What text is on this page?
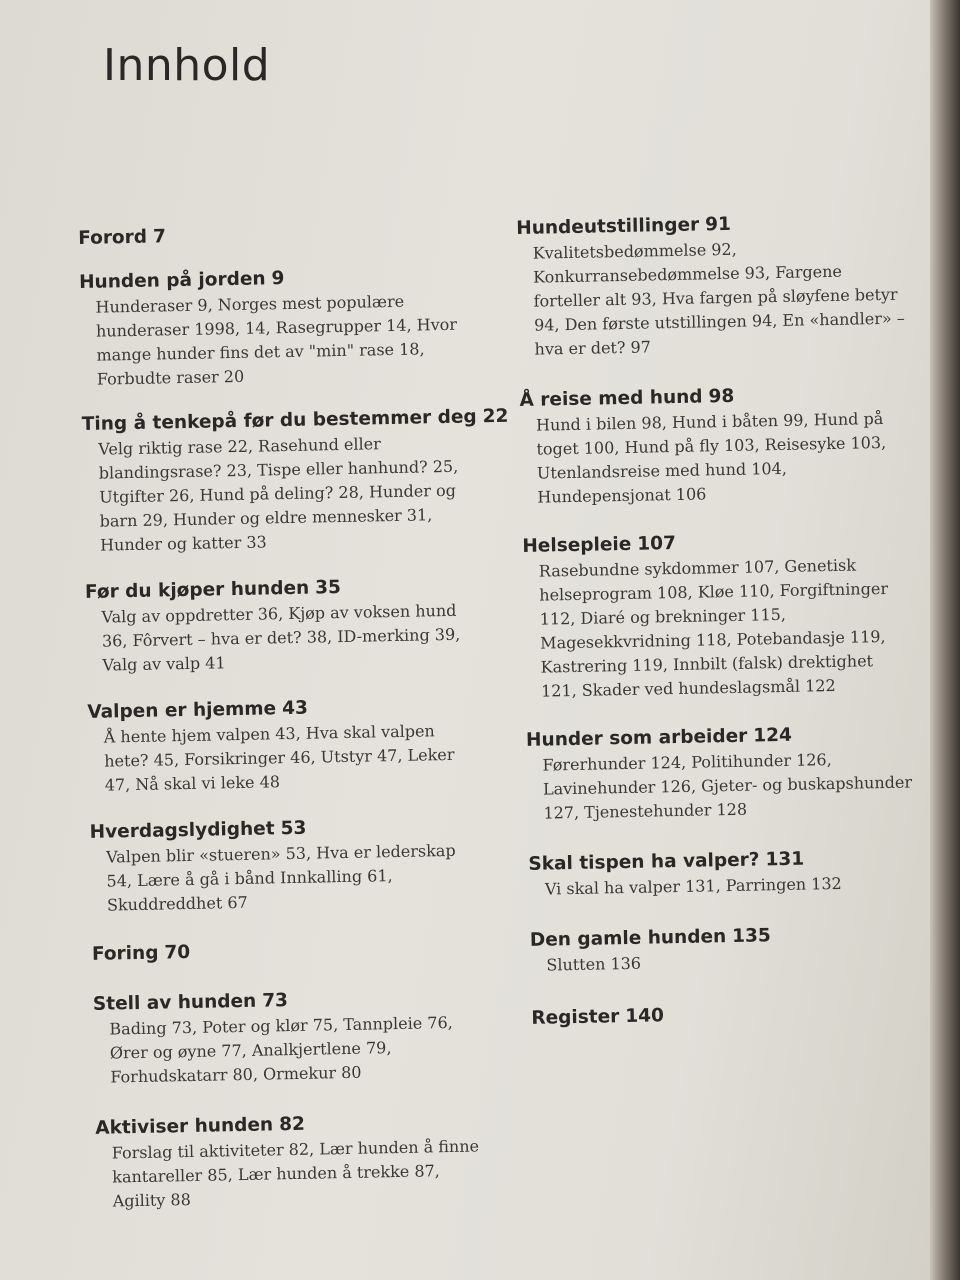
Innhold
Forord 7
Hunden på jorden 9
Hunderaser 9, Norges mest populære hunderaser 1998, 14, Rasegrupper 14, Hvor mange hunder fins det av "min" rase 18, Forbudte raser 20
Ting å tenkepå før du bestemmer deg 22
Velg riktig rase 22, Rasehund eller blandingsrase? 23, Tispe eller hanhund? 25, Utgifter 26, Hund på deling? 28, Hunder og barn 29, Hunder og eldre mennesker 31, Hunder og katter 33
Før du kjøper hunden 35
Valg av oppdretter 36, Kjøp av voksen hund 36, Fôrvert – hva er det? 38, ID-merking 39, Valg av valp 41
Valpen er hjemme 43
Å hente hjem valpen 43, Hva skal valpen hete? 45, Forsikringer 46, Utstyr 47, Leker 47, Nå skal vi leke 48
Hverdagslydighet 53
Valpen blir «stueren» 53, Hva er lederskap 54, Lære å gå i bånd Innkalling 61, Skuddreddhet 67
Foring 70
Stell av hunden 73
Bading 73, Poter og klør 75, Tannpleie 76, Ører og øyne 77, Analkjertlene 79, Forhudskatarr 80, Ormekur 80
Aktiviser hunden 82
Forslag til aktiviteter 82, Lær hunden å finne kantareller 85, Lær hunden å trekke 87, Agility 88
Hundeutstillinger 91
Kvalitetsbedømmelse 92, Konkurransebedømmelse 93, Fargene forteller alt 93, Hva fargen på sløyfene betyr 94, Den første utstillingen 94, En «handler» – hva er det? 97
Å reise med hund 98
Hund i bilen 98, Hund i båten 99, Hund på toget 100, Hund på fly 103, Reisesyke 103, Utenlandsreise med hund 104, Hundepensjonat 106
Helsepleie 107
Rasebundne sykdommer 107, Genetisk helseprogram 108, Kløe 110, Forgiftninger 112, Diaré og brekninger 115, Magesekkvridning 118, Potebandasje 119, Kastrering 119, Innbilt (falsk) drektighet 121, Skader ved hundeslagsmål 122
Hunder som arbeider 124
Førerhunder 124, Politihunder 126, Lavinehunder 126, Gjeter- og buskapshunder 127, Tjenestehunder 128
Skal tispen ha valper? 131
Vi skal ha valper 131, Parringen 132
Den gamle hunden 135
Slutten 136
Register 140
